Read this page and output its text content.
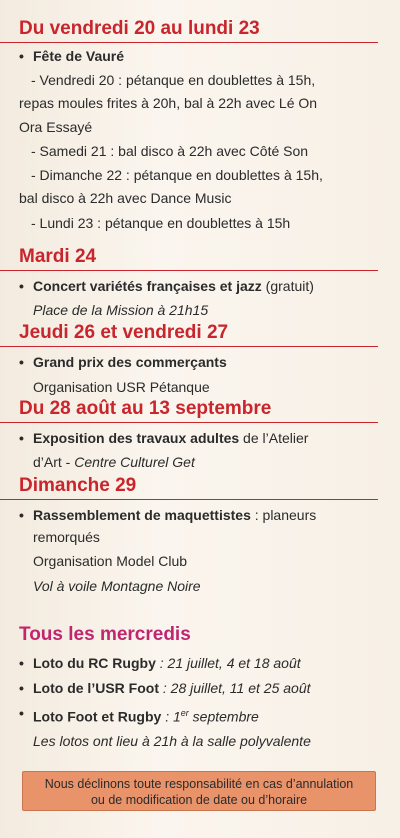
Du vendredi 20 au lundi 23
• Fête de Vauré
- Vendredi 20 : pétanque en doublettes à 15h,
repas moules frites à 20h, bal à 22h avec Lé On
Ora Essayé
- Samedi 21 : bal disco à 22h avec Côté Son
- Dimanche 22 : pétanque en doublettes à 15h,
bal disco à 22h avec Dance Music
- Lundi 23 : pétanque en doublettes à 15h
Mardi 24
• Concert variétés françaises et jazz (gratuit)
Place de la Mission à 21h15
Jeudi 26 et vendredi 27
• Grand prix des commerçants
Organisation USR Pétanque
Du 28 août au 13 septembre
• Exposition des travaux adultes de l’Atelier
d’Art - Centre Culturel Get
Dimanche 29
• Rassemblement de maquettistes : planeurs
remorqués
Organisation Model Club
Vol à voile Montagne Noire
Tous les mercredis
• Loto du RC Rugby : 21 juillet, 4 et 18 août
• Loto de l’USR Foot : 28 juillet, 11 et 25 août
• Loto Foot et Rugby : 1er septembre
Les lotos ont lieu à 21h à la salle polyvalente
Nous déclinons toute responsabilité en cas d’annulation
ou de modification de date ou d’horaire
